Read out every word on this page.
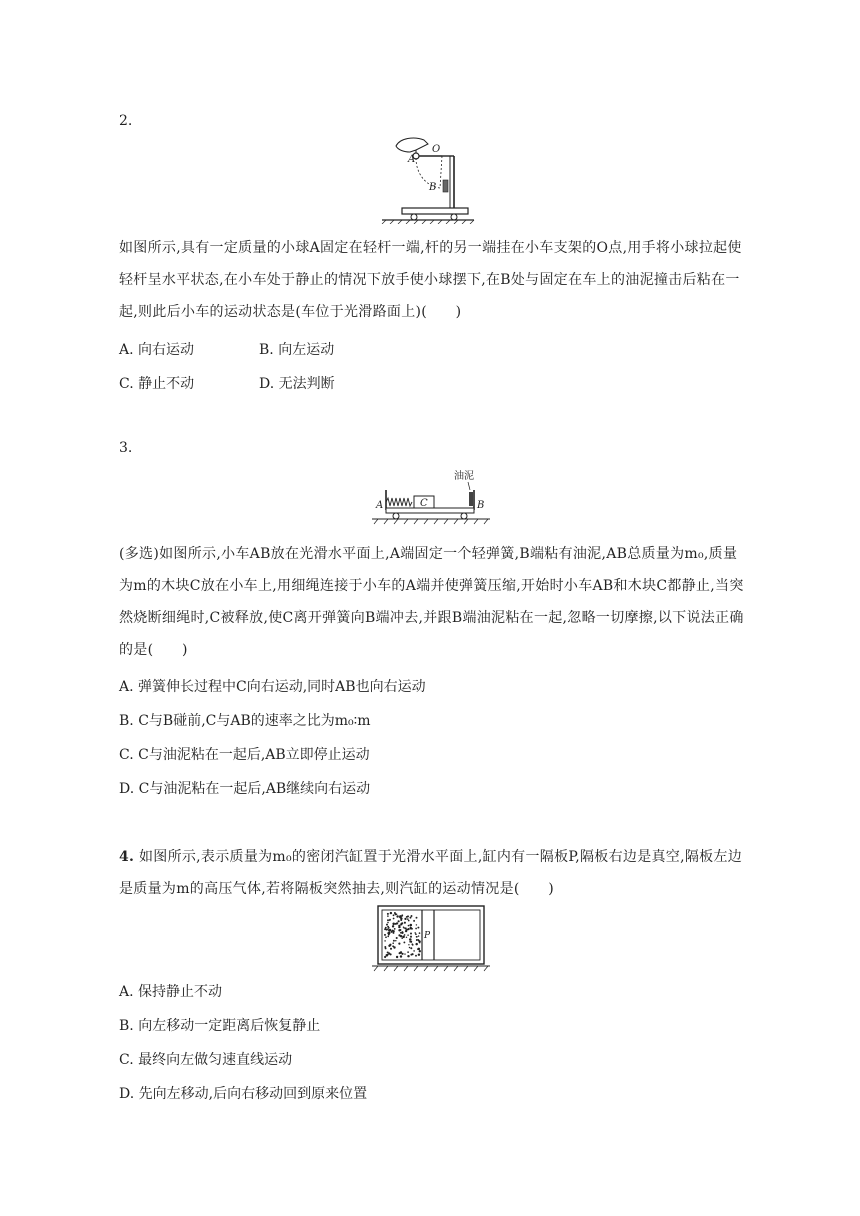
2.
A
O
B
如图所示,具有一定质量的小球A固定在轻杆一端,杆的另一端挂在小车支架的O点,用手将小球拉起使轻杆呈水平状态,在小车处于静止的情况下放手使小球摆下,在B处与固定在车上的油泥撞击后粘在一起,则此后小车的运动状态是(车位于光滑路面上)(　　)
A. 向右运动	B. 向左运动
C. 静止不动	D. 无法判断
3.
油泥
C
A	B
(多选)如图所示,小车AB放在光滑水平面上,A端固定一个轻弹簧,B端粘有油泥,AB总质量为m₀,质量为m的木块C放在小车上,用细绳连接于小车的A端并使弹簧压缩,开始时小车AB和木块C都静止,当突然烧断细绳时,C被释放,使C离开弹簧向B端冲去,并跟B端油泥粘在一起,忽略一切摩擦,以下说法正确的是(　　)
A. 弹簧伸长过程中C向右运动,同时AB也向右运动
B. C与B碰前,C与AB的速率之比为m₀∶m
C. C与油泥粘在一起后,AB立即停止运动
D. C与油泥粘在一起后,AB继续向右运动
4. 如图所示,表示质量为m₀的密闭汽缸置于光滑水平面上,缸内有一隔板P,隔板右边是真空,隔板左边是质量为m的高压气体,若将隔板突然抽去,则汽缸的运动情况是(　　)
P
A. 保持静止不动
B. 向左移动一定距离后恢复静止
C. 最终向左做匀速直线运动
D. 先向左移动,后向右移动回到原来位置
